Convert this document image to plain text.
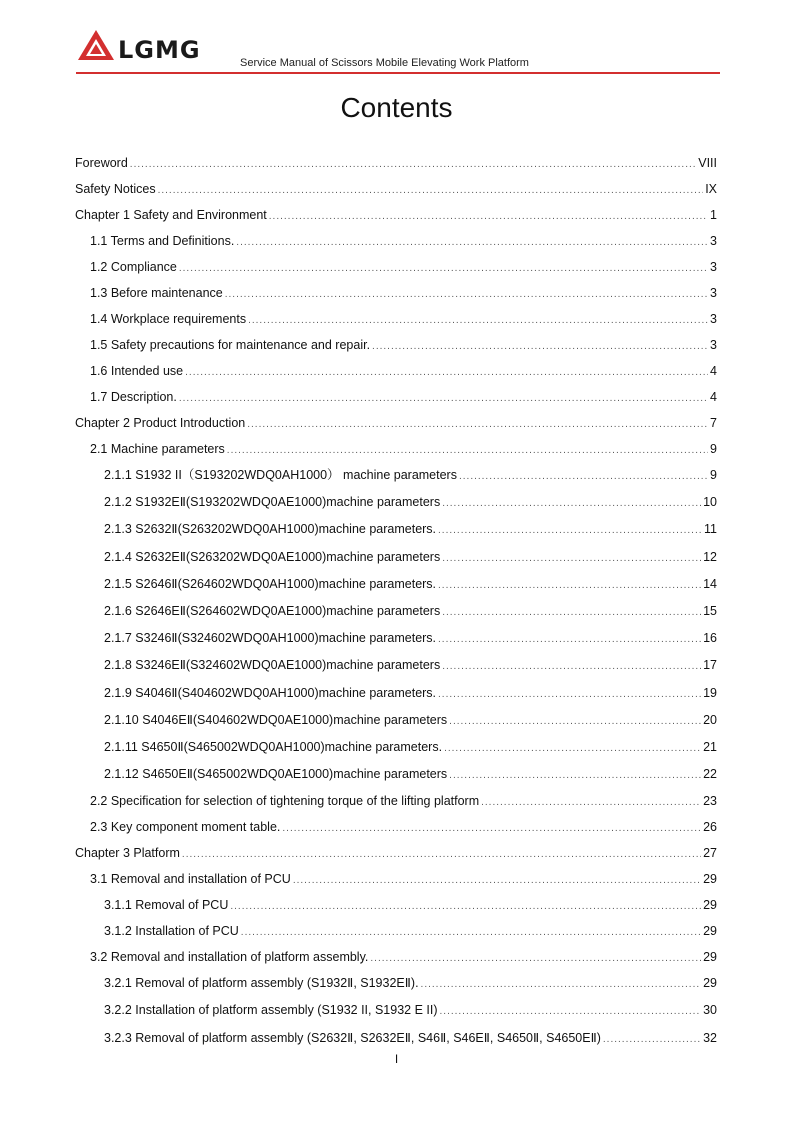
LGMG	Service Manual of Scissors Mobile Elevating Work Platform
Contents
Foreword .....	VIII
Safety Notices .....	IX
Chapter 1 Safety and Environment .....	1
1.1 Terms and Definitions. .....	3
1.2 Compliance .....	3
1.3 Before maintenance .....	3
1.4 Workplace requirements .....	3
1.5 Safety precautions for maintenance and repair. .....	3
1.6 Intended use .....	4
1.7 Description. .....	4
Chapter 2 Product Introduction .....	7
2.1 Machine parameters .....	9
2.1.1 S1932 II（S193202WDQ0AH1000） machine parameters .....	9
2.1.2 S1932EⅡ(S193202WDQ0AE1000)machine parameters .....	10
2.1.3 S2632Ⅱ(S263202WDQ0AH1000)machine parameters. .....	11
2.1.4 S2632EⅡ(S263202WDQ0AE1000)machine parameters .....	12
2.1.5 S2646Ⅱ(S264602WDQ0AH1000)machine parameters. .....	14
2.1.6 S2646EⅡ(S264602WDQ0AE1000)machine parameters .....	15
2.1.7 S3246Ⅱ(S324602WDQ0AH1000)machine parameters. .....	16
2.1.8 S3246EⅡ(S324602WDQ0AE1000)machine parameters .....	17
2.1.9 S4046Ⅱ(S404602WDQ0AH1000)machine parameters. .....	19
2.1.10 S4046EⅡ(S404602WDQ0AE1000)machine parameters .....	20
2.1.11 S4650Ⅱ(S465002WDQ0AH1000)machine parameters. .....	21
2.1.12 S4650EⅡ(S465002WDQ0AE1000)machine parameters .....	22
2.2 Specification for selection of tightening torque of the lifting platform .....	23
2.3 Key component moment table. .....	26
Chapter 3 Platform .....	27
3.1 Removal and installation of PCU .....	29
3.1.1 Removal of PCU .....	29
3.1.2 Installation of PCU .....	29
3.2 Removal and installation of platform assembly. .....	29
3.2.1 Removal of platform assembly (S1932Ⅱ, S1932EⅡ). .....	29
3.2.2 Installation of platform assembly (S1932 II, S1932 E II) .....	30
3.2.3 Removal of platform assembly (S2632Ⅱ, S2632EⅡ, S46Ⅱ, S46EⅡ, S4650Ⅱ, S4650EⅡ) .....	32
I
